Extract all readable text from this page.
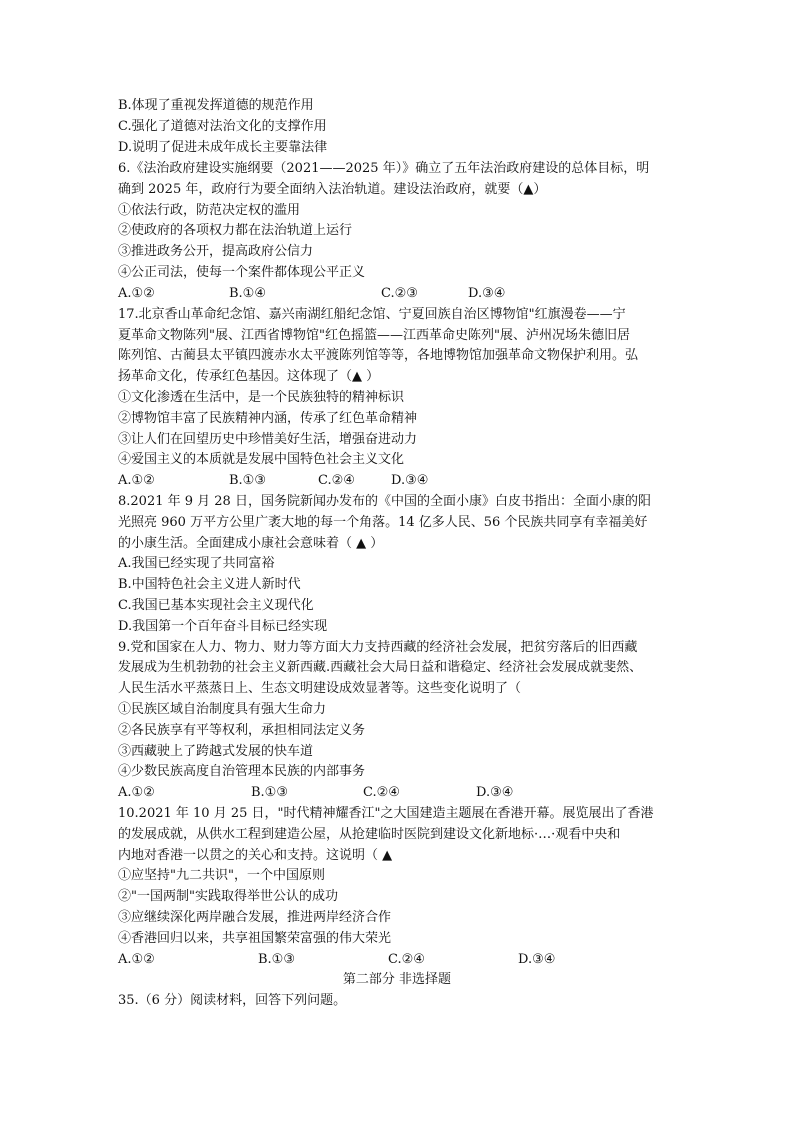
B.体现了重视发挥道德的规范作用
C.强化了道德对法治文化的支撑作用
D.说明了促进未成年成长主要靠法律
6.《法治政府建设实施纲要（2021——2025 年）》确立了五年法治政府建设的总体目标，明
确到 2025 年，政府行为要全面纳入法治轨道。建设法治政府，就要（▲）
①依法行政，防范决定权的滥用
②使政府的各项权力都在法治轨道上运行
③推进政务公开，提高政府公信力
④公正司法，使每一个案件都体现公平正义
A.①②	B.①④	C.②③	D.③④
17.北京香山革命纪念馆、嘉兴南湖红船纪念馆、宁夏回族自治区博物馆"红旗漫卷——宁
夏革命文物陈列"展、江西省博物馆"红色摇篮——江西革命史陈列"展、泸州况场朱德旧居
陈列馆、古蔺县太平镇四渡赤水太平渡陈列馆等等，各地博物馆加强革命文物保护利用。弘
扬革命文化，传承红色基因。这体现了（▲ ）
①文化渗透在生活中，是一个民族独特的精神标识
②博物馆丰富了民族精神内涵，传承了红色革命精神
③让人们在回望历史中珍惜美好生活，增强奋进动力
④爱国主义的本质就是发展中国特色社会主义文化
A.①②	B.①③	C.②④	D.③④
8.2021 年 9 月 28 日，国务院新闻办发布的《中国的全面小康》白皮书指出：全面小康的阳
光照亮 960 万平方公里广袤大地的每一个角落。14 亿多人民、56 个民族共同享有幸福美好
的小康生活。全面建成小康社会意味着（ ▲ ）
A.我国已经实现了共同富裕
B.中国特色社会主义进人新时代
C.我国已基本实现社会主义现代化
D.我国第一个百年奋斗目标已经实现
9.党和国家在人力、物力、财力等方面大力支持西藏的经济社会发展，把贫穷落后的旧西藏
发展成为生机勃勃的社会主义新西藏.西藏社会大局日益和谐稳定、经济社会发展成就斐然、
人民生活水平蒸蒸日上、生态文明建设成效显著等。这些变化说明了（
①民族区域自治制度具有强大生命力
②各民族享有平等权利，承担相同法定义务
③西藏驶上了跨越式发展的快车道
④少数民族高度自治管理本民族的内部事务
A.①②	B.①③	C.②④	D.③④
10.2021 年 10 月 25 日，"时代精神耀香江"之大国建造主题展在香港开幕。展览展出了香港
的发展成就，从供水工程到建造公屋，从抢建临时医院到建设文化新地标·…·观看中央和
内地对香港一以贯之的关心和支持。这说明（ ▲
①应坚持"九二共识"，一个中国原则
②"一国两制"实践取得举世公认的成功
③应继续深化两岸融合发展，推进两岸经济合作
④香港回归以来，共享祖国繁荣富强的伟大荣光
A.①②	B.①③	C.②④	D.③④
第二部分 非选择题
35.（6 分）阅读材料，回答下列问题。
